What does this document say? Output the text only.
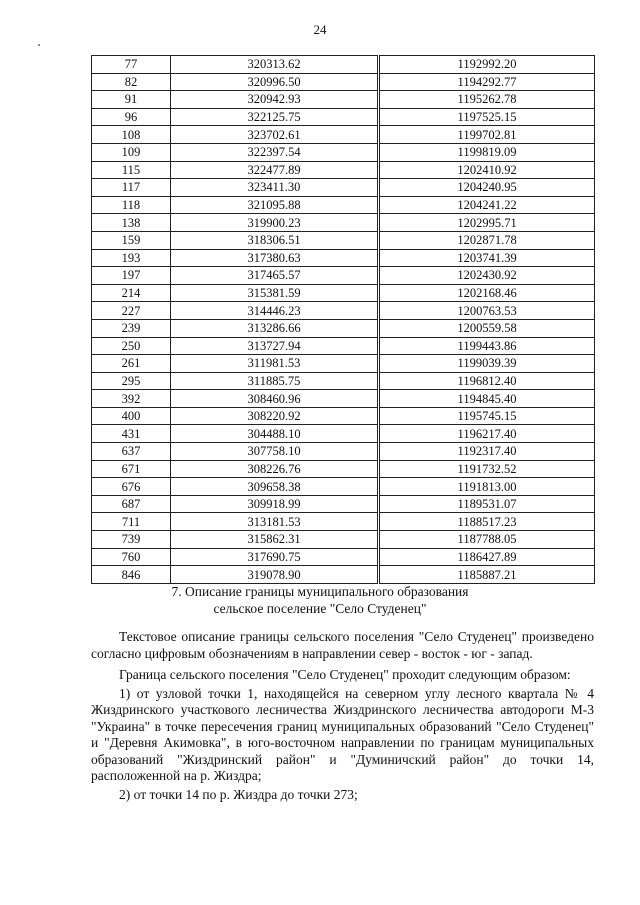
24
77	320313.62	1192992.20
82	320996.50	1194292.77
91	320942.93	1195262.78
96	322125.75	1197525.15
108	323702.61	1199702.81
109	322397.54	1199819.09
115	322477.89	1202410.92
117	323411.30	1204240.95
118	321095.88	1204241.22
138	319900.23	1202995.71
159	318306.51	1202871.78
193	317380.63	1203741.39
197	317465.57	1202430.92
214	315381.59	1202168.46
227	314446.23	1200763.53
239	313286.66	1200559.58
250	313727.94	1199443.86
261	311981.53	1199039.39
295	311885.75	1196812.40
392	308460.96	1194845.40
400	308220.92	1195745.15
431	304488.10	1196217.40
637	307758.10	1192317.40
671	308226.76	1191732.52
676	309658.38	1191813.00
687	309918.99	1189531.07
711	313181.53	1188517.23
739	315862.31	1187788.05
760	317690.75	1186427.89
846	319078.90	1185887.21
7. Описание границы муниципального образования
сельское поселение "Село Студенец"

Текстовое описание границы сельского поселения "Село Студенец" произведено согласно цифровым обозначениям в направлении север - восток - юг - запад.

Граница сельского поселения "Село Студенец" проходит следующим образом:

1) от узловой точки 1, находящейся на северном углу лесного квартала № 4 Жиздринского участкового лесничества Жиздринского лесничества автодороги М-3 "Украина" в точке пересечения границ муниципальных образований "Село Студенец" и "Деревня Акимовка", в юго-восточном направлении по границам муниципальных образований "Жиздринский район" и "Думиничский район" до точки 14, расположенной на р. Жиздра;

2) от точки 14 по р. Жиздра до точки 273;
